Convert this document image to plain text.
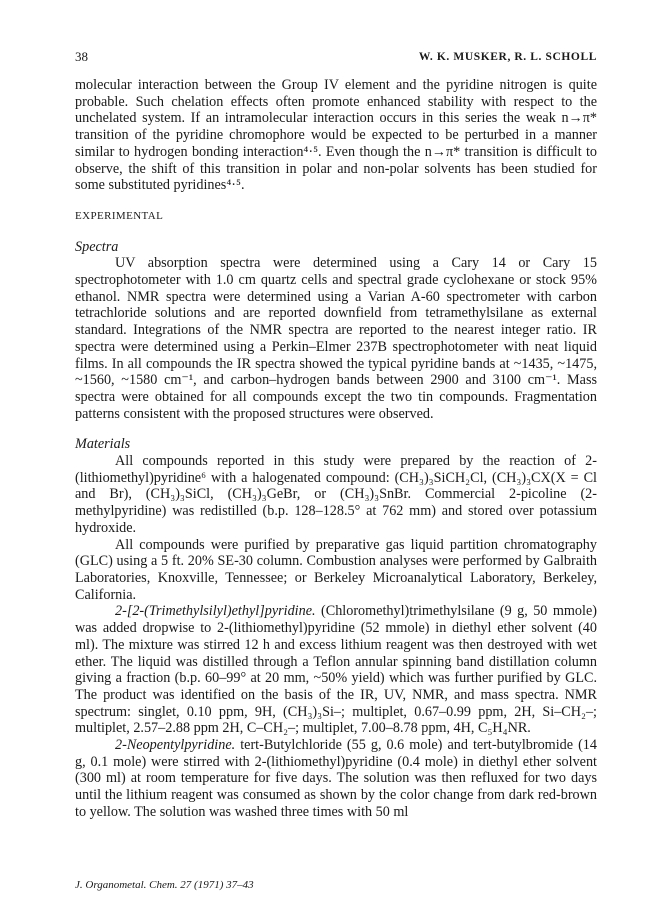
38	W. K. MUSKER, R. L. SCHOLL

molecular interaction between the Group IV element and the pyridine nitrogen is quite probable. Such chelation effects often promote enhanced stability with respect to the unchelated system. If an intramolecular interaction occurs in this series the weak n→π* transition of the pyridine chromophore would be expected to be perturbed in a manner similar to hydrogen bonding interaction⁴·⁵. Even though the n→π* transition is difficult to observe, the shift of this transition in polar and non-polar solvents has been studied for some substituted pyridines⁴·⁵.

EXPERIMENTAL
Spectra

UV absorption spectra were determined using a Cary 14 or Cary 15 spectrophotometer with 1.0 cm quartz cells and spectral grade cyclohexane or stock 95% ethanol. NMR spectra were determined using a Varian A-60 spectrometer with carbon tetrachloride solutions and are reported downfield from tetramethylsilane as external standard. Integrations of the NMR spectra are reported to the nearest integer ratio. IR spectra were determined using a Perkin–Elmer 237B spectrophotometer with neat liquid films. In all compounds the IR spectra showed the typical pyridine bands at ~1435, ~1475, ~1560, ~1580 cm⁻¹, and carbon–hydrogen bands between 2900 and 3100 cm⁻¹. Mass spectra were obtained for all compounds except the two tin compounds. Fragmentation patterns consistent with the proposed structures were observed.

Materials

All compounds reported in this study were prepared by the reaction of 2-(lithiomethyl)pyridine⁶ with a halogenated compound: (CH₃)₃SiCH₂Cl, (CH₃)₃CX(X = Cl and Br), (CH₃)₃SiCl, (CH₃)₃GeBr, or (CH₃)₃SnBr. Commercial 2-picoline (2-methylpyridine) was redistilled (b.p. 128–128.5° at 762 mm) and stored over potassium hydroxide.

All compounds were purified by preparative gas liquid partition chromatography (GLC) using a 5 ft. 20% SE-30 column. Combustion analyses were performed by Galbraith Laboratories, Knoxville, Tennessee; or Berkeley Microanalytical Laboratory, Berkeley, California.

2-[2-(Trimethylsilyl)ethyl]pyridine. (Chloromethyl)trimethylsilane (9 g, 50 mmole) was added dropwise to 2-(lithiomethyl)pyridine (52 mmole) in diethyl ether solvent (40 ml). The mixture was stirred 12 h and excess lithium reagent was then destroyed with wet ether. The liquid was distilled through a Teflon annular spinning band distillation column giving a fraction (b.p. 60–99° at 20 mm, ~50% yield) which was further purified by GLC. The product was identified on the basis of the IR, UV, NMR, and mass spectra. NMR spectrum: singlet, 0.10 ppm, 9H, (CH₃)₃Si–; multiplet, 0.67–0.99 ppm, 2H, Si–CH₂–; multiplet, 2.57–2.88 ppm 2H, C–CH₂–; multiplet, 7.00–8.78 ppm, 4H, C₅H₄NR.

2-Neopentylpyridine. tert-Butylchloride (55 g, 0.6 mole) and tert-butylbromide (14 g, 0.1 mole) were stirred with 2-(lithiomethyl)pyridine (0.4 mole) in diethyl ether solvent (300 ml) at room temperature for five days. The solution was then refluxed for two days until the lithium reagent was consumed as shown by the color change from dark red-brown to yellow. The solution was washed three times with 50 ml

J. Organometal. Chem. 27 (1971) 37–43
